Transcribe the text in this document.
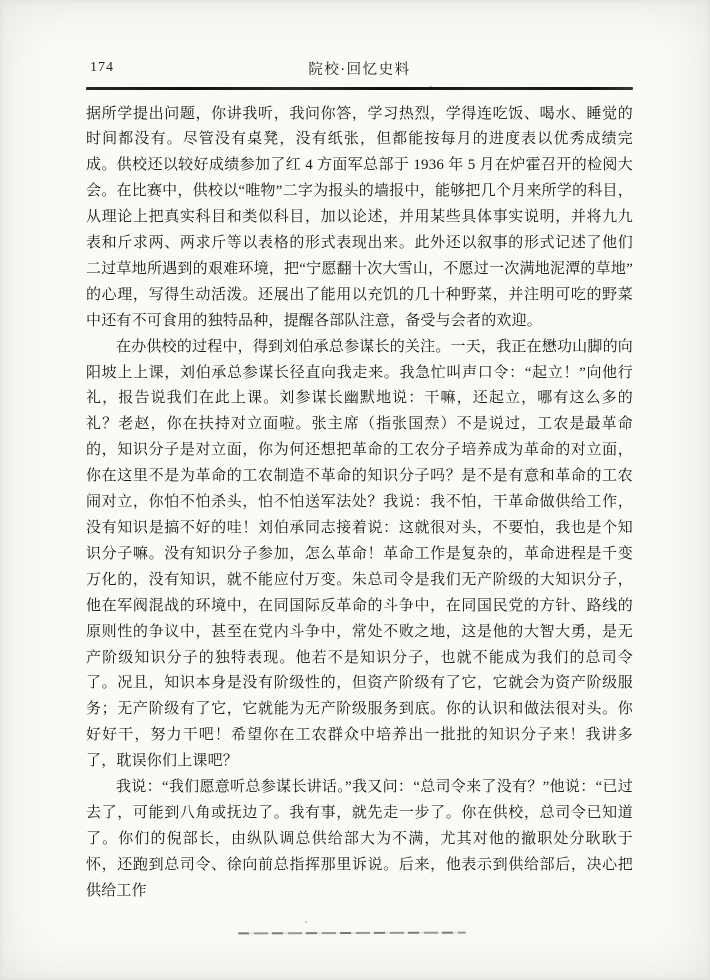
174	院校·回忆史料

据所学提出问题，你讲我听，我问你答，学习热烈，学得连吃饭、喝水、睡觉的时间都没有。尽管没有桌凳，没有纸张，但都能按每月的进度表以优秀成绩完成。供校还以较好成绩参加了红 4 方面军总部于 1936 年 5 月在炉霍召开的检阅大会。在比赛中，供校以“唯物”二字为报头的墙报中，能够把几个月来所学的科目，从理论上把真实科目和类似科目，加以论述，并用某些具体事实说明，并将九九表和斤求两、两求斤等以表格的形式表现出来。此外还以叙事的形式记述了他们二过草地所遇到的艰难环境，把“宁愿翻十次大雪山，不愿过一次满地泥潭的草地”的心理，写得生动活泼。还展出了能用以充饥的几十种野菜，并注明可吃的野菜中还有不可食用的独特品种，提醒各部队注意，备受与会者的欢迎。

在办供校的过程中，得到刘伯承总参谋长的关注。一天，我正在懋功山脚的向阳坡上上课，刘伯承总参谋长径直向我走来。我急忙叫声口令：“起立！”向他行礼，报告说我们在此上课。刘参谋长幽默地说：干嘛，还起立，哪有这么多的礼？老赵，你在扶持对立面啦。张主席（指张国焘）不是说过，工农是最革命的，知识分子是对立面，你为何还想把革命的工农分子培养成为革命的对立面，你在这里不是为革命的工农制造不革命的知识分子吗？是不是有意和革命的工农闹对立，你怕不怕杀头，怕不怕送军法处？我说：我不怕，干革命做供给工作，没有知识是搞不好的哇！刘伯承同志接着说：这就很对头，不要怕，我也是个知识分子嘛。没有知识分子参加，怎么革命！革命工作是复杂的，革命进程是千变万化的，没有知识，就不能应付万变。朱总司令是我们无产阶级的大知识分子，他在军阀混战的环境中，在同国际反革命的斗争中，在同国民党的方针、路线的原则性的争议中，甚至在党内斗争中，常处不败之地，这是他的大智大勇，是无产阶级知识分子的独特表现。他若不是知识分子，也就不能成为我们的总司令了。况且，知识本身是没有阶级性的，但资产阶级有了它，它就会为资产阶级服务；无产阶级有了它，它就能为无产阶级服务到底。你的认识和做法很对头。你好好干，努力干吧！希望你在工农群众中培养出一批批的知识分子来！我讲多了，耽误你们上课吧？

我说：“我们愿意听总参谋长讲话。”我又问：“总司令来了没有？”他说：“已过去了，可能到八角或抚边了。我有事，就先走一步了。你在供校，总司令已知道了。你们的倪部长，由纵队调总供给部大为不满，尤其对他的撤职处分耿耿于怀，还跑到总司令、徐向前总指挥那里诉说。后来，他表示到供给部后，决心把供给工作
